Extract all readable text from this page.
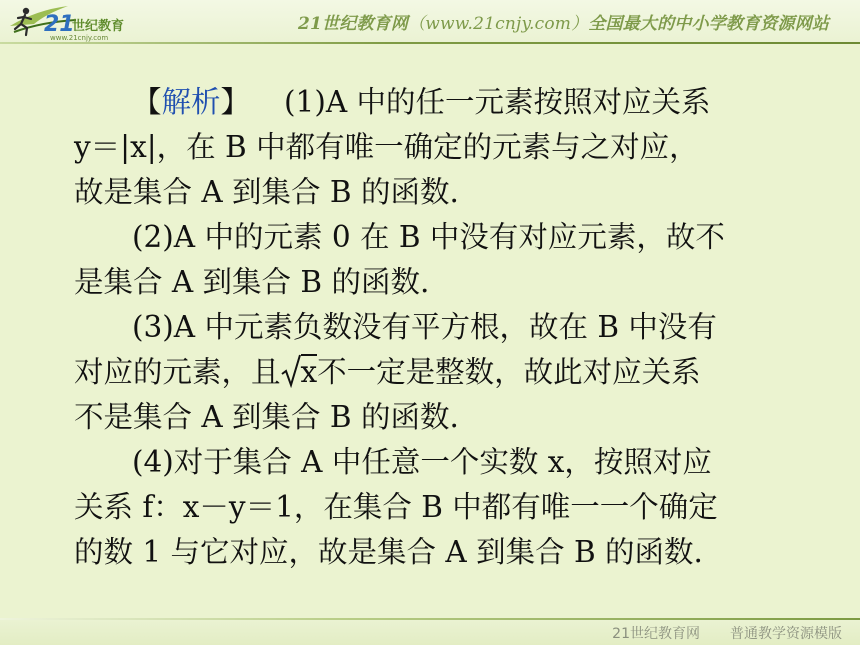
21
世纪教育
www.21cnjy.com
21世纪教育网（www.21cnjy.com）全国最大的中小学教育资源网站

【解析】 (1)A 中的任一元素按照对应关系

y＝|x|，在 B 中都有唯一确定的元素与之对应，

故是集合 A 到集合 B 的函数.

(2)A 中的元素 0 在 B 中没有对应元素，故不

是集合 A 到集合 B 的函数.

(3)A 中元素负数没有平方根，故在 B 中没有

对应的元素，且 x不一定是整数，故此对应关系

不是集合 A 到集合 B 的函数.

(4)对于集合 A 中任意一个实数 x，按照对应

关系 f：x－y＝1，在集合 B 中都有唯一一个确定

的数 1 与它对应，故是集合 A 到集合 B 的函数.

21世纪教育网 普通教学资源模版
